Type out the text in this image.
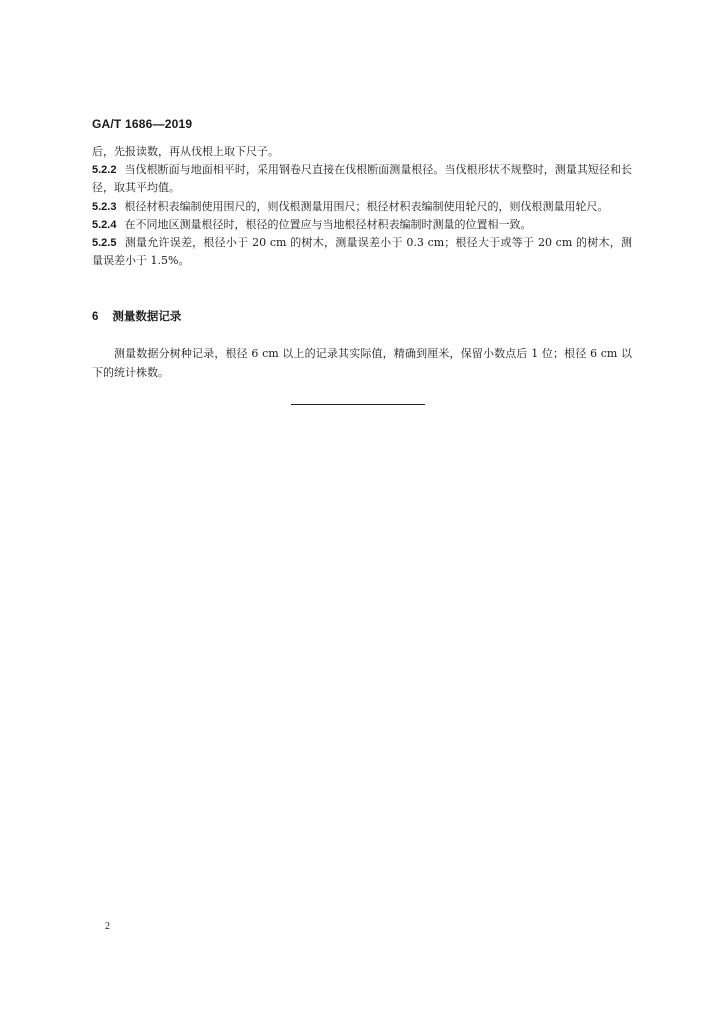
GA/T 1686—2019

后，先报读数，再从伐根上取下尺子。

5.2.2 当伐根断面与地面相平时，采用钢卷尺直接在伐根断面测量根径。当伐根形状不规整时，测量其短径和长径，取其平均值。

5.2.3 根径材积表编制使用围尺的，则伐根测量用围尺；根径材积表编制使用轮尺的，则伐根测量用轮尺。

5.2.4 在不同地区测量根径时，根径的位置应与当地根径材积表编制时测量的位置相一致。

5.2.5 测量允许误差，根径小于 20 cm 的树木，测量误差小于 0.3 cm；根径大于或等于 20 cm 的树木，测量误差小于 1.5%。

6 测量数据记录

测量数据分树种记录，根径 6 cm 以上的记录其实际值，精确到厘米，保留小数点后 1 位；根径 6 cm 以下的统计株数。

2
